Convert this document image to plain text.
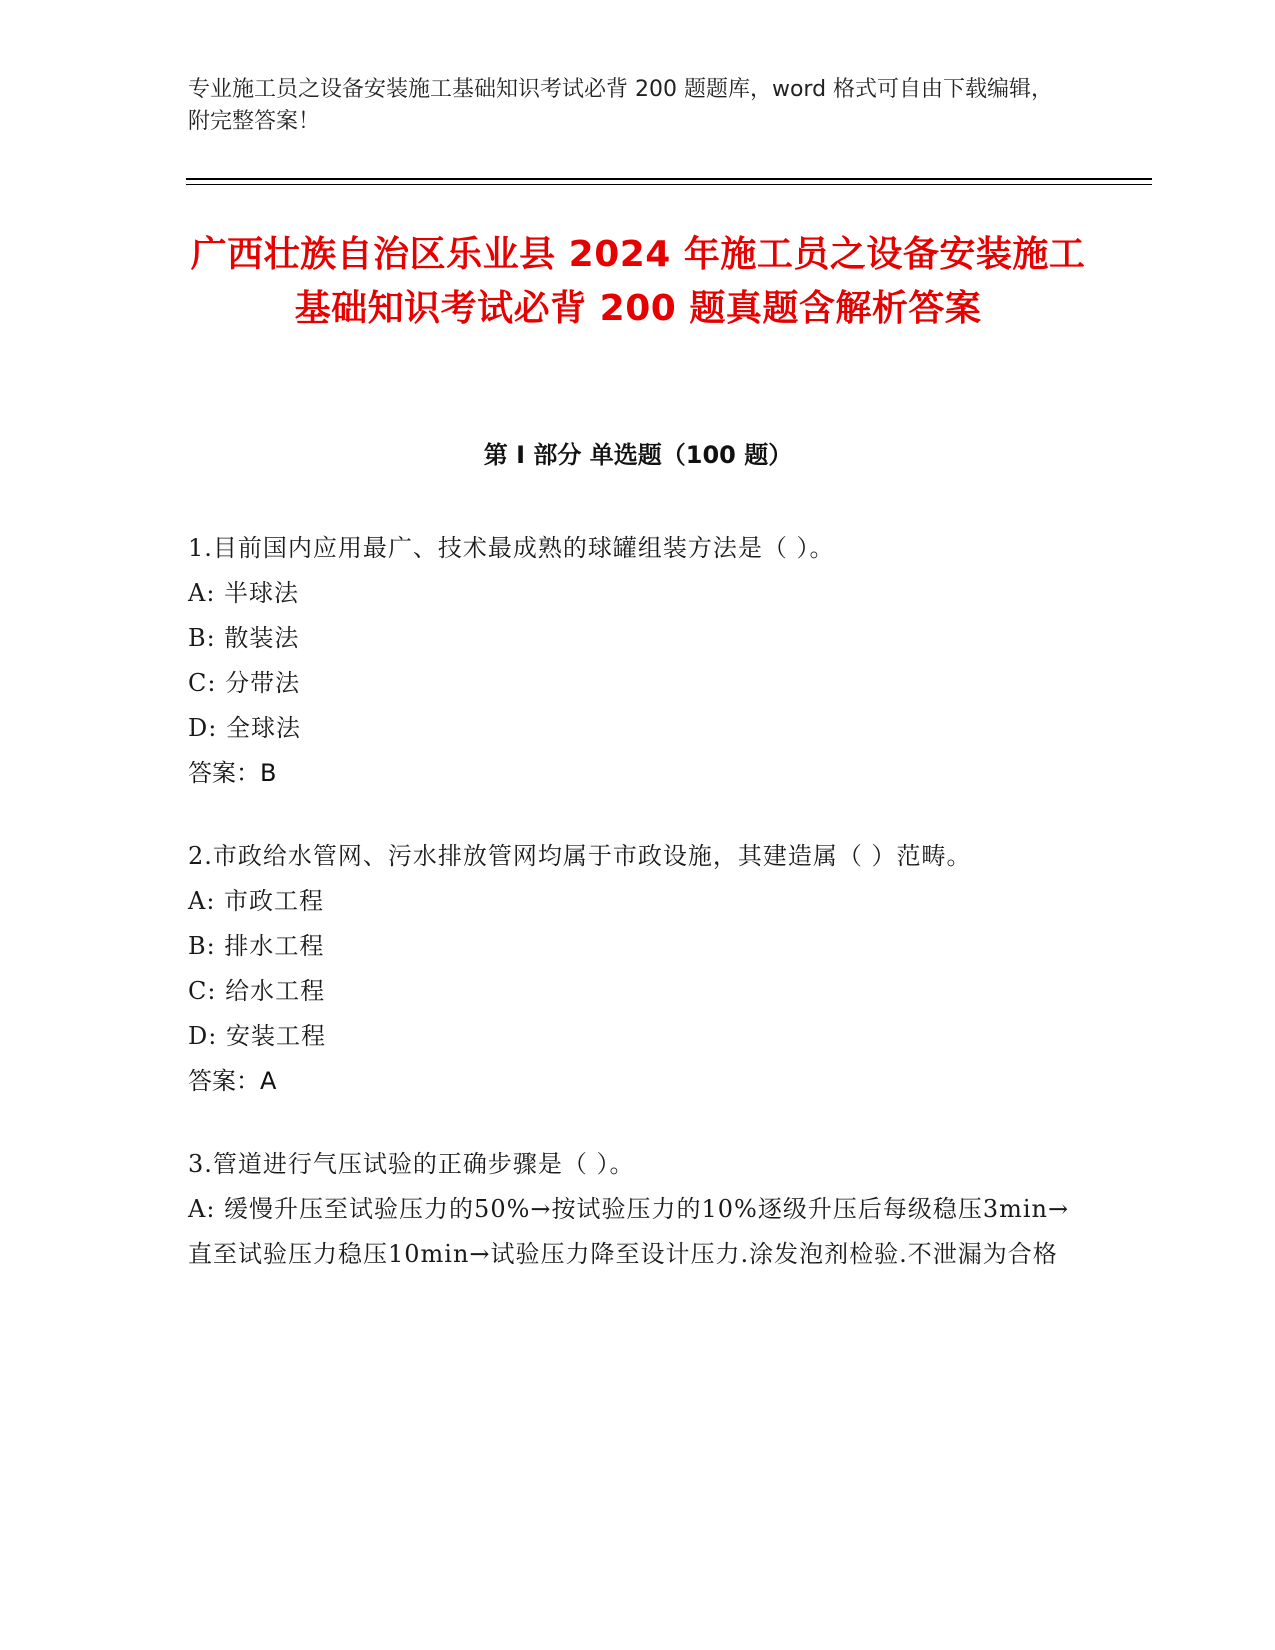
专业施工员之设备安装施工基础知识考试必背 200 题题库，word 格式可自由下载编辑，附完整答案！

广西壮族自治区乐业县 2024 年施工员之设备安装施工基础知识考试必背 200 题真题含解析答案
第 I 部分 单选题（100 题）

1.目前国内应用最广、技术最成熟的球罐组装方法是（ ）。

A: 半球法

B: 散装法

C: 分带法

D: 全球法

答案：B

2.市政给水管网、污水排放管网均属于市政设施，其建造属（ ）范畴。

A: 市政工程

B: 排水工程

C: 给水工程

D: 安装工程

答案：A

3.管道进行气压试验的正确步骤是（ ）。

A: 缓慢升压至试验压力的50%→按试验压力的10%逐级升压后每级稳压3min→直至试验压力稳压10min→试验压力降至设计压力.涂发泡剂检验.不泄漏为合格
